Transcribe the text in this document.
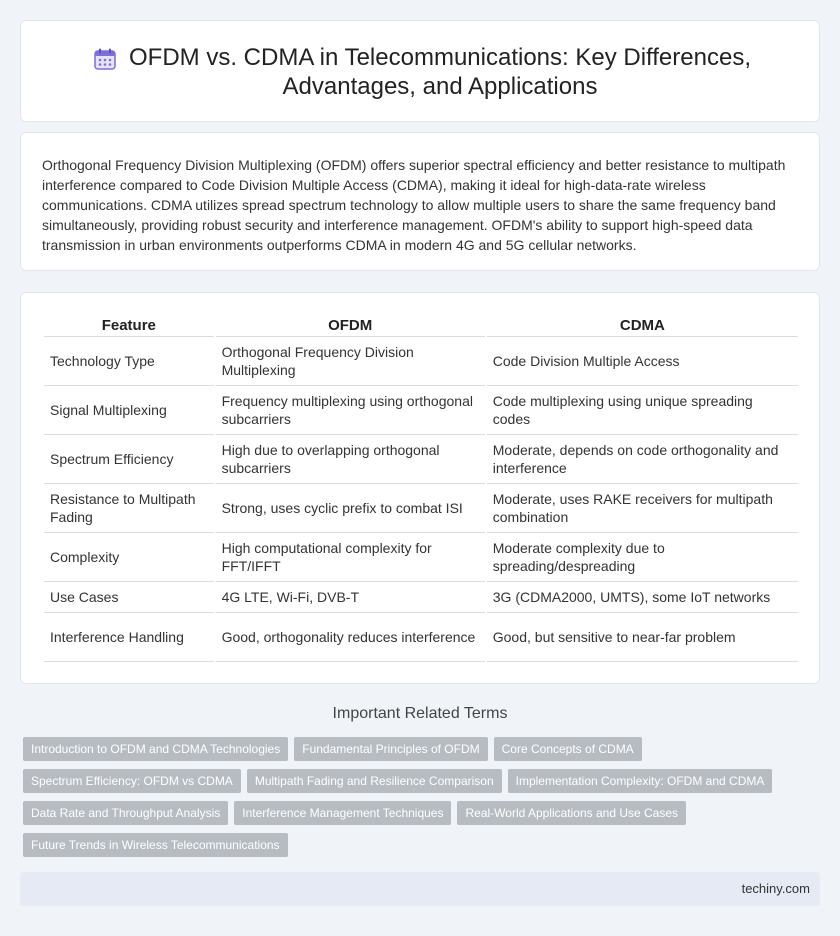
OFDM vs. CDMA in Telecommunications: Key Differences, Advantages, and Applications

Orthogonal Frequency Division Multiplexing (OFDM) offers superior spectral efficiency and better resistance to multipath interference compared to Code Division Multiple Access (CDMA), making it ideal for high-data-rate wireless communications. CDMA utilizes spread spectrum technology to allow multiple users to share the same frequency band simultaneously, providing robust security and interference management. OFDM's ability to support high-speed data transmission in urban environments outperforms CDMA in modern 4G and 5G cellular networks.

Feature	OFDM	CDMA
Technology Type	Orthogonal Frequency Division Multiplexing	Code Division Multiple Access
Signal Multiplexing	Frequency multiplexing using orthogonal subcarriers	Code multiplexing using unique spreading codes
Spectrum Efficiency	High due to overlapping orthogonal subcarriers	Moderate, depends on code orthogonality and interference
Resistance to Multipath Fading	Strong, uses cyclic prefix to combat ISI	Moderate, uses RAKE receivers for multipath combination
Complexity	High computational complexity for FFT/IFFT	Moderate complexity due to spreading/despreading
Use Cases	4G LTE, Wi-Fi, DVB-T	3G (CDMA2000, UMTS), some IoT networks
Interference Handling	Good, orthogonality reduces interference	Good, but sensitive to near-far problem
Important Related Terms
Introduction to OFDM and CDMA Technologies	Fundamental Principles of OFDM	Core Concepts of CDMA
Spectrum Efficiency: OFDM vs CDMA	Multipath Fading and Resilience Comparison	Implementation Complexity: OFDM and CDMA
Data Rate and Throughput Analysis	Interference Management Techniques	Real-World Applications and Use Cases
Future Trends in Wireless Telecommunications
techiny.com
